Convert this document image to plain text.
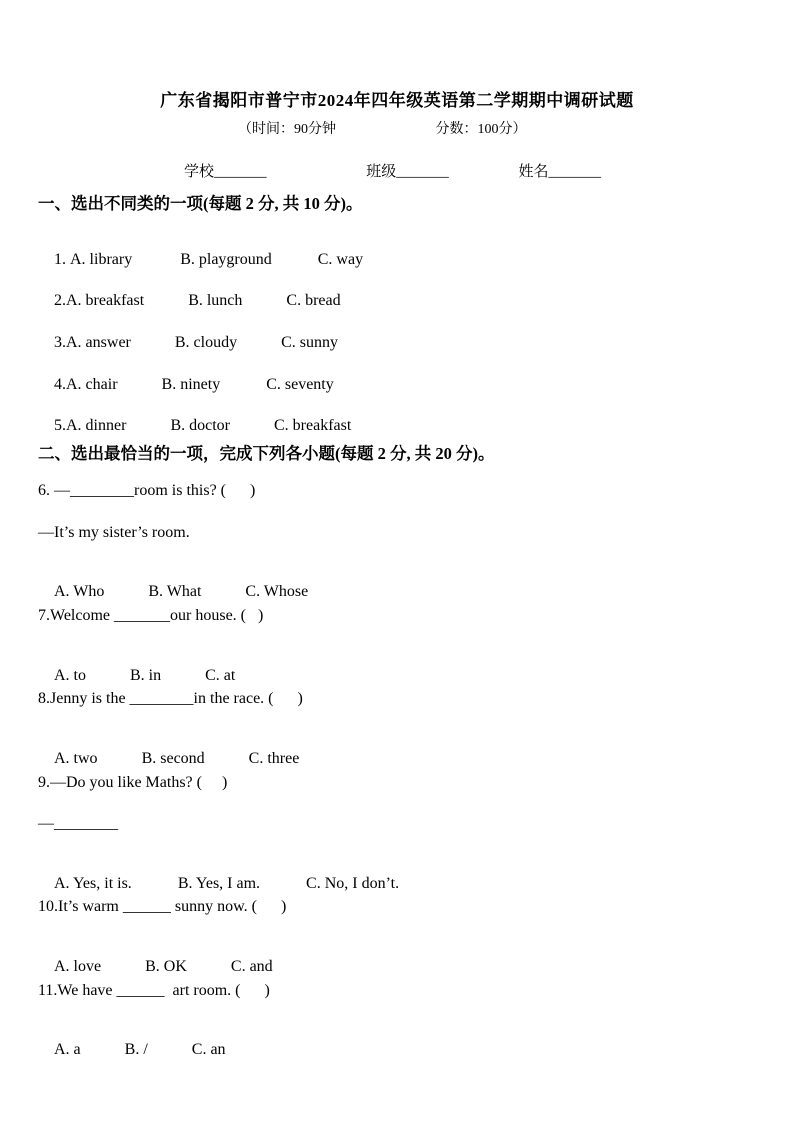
广东省揭阳市普宁市2024年四年级英语第二学期期中调研试题
（时间：90分钟	分数：100分）
学校_______	班级_______	姓名_______
一、选出不同类的一项(每题 2 分, 共 10 分)。

1. A. library	B. playground	C. way

2.A. breakfast	B. lunch	C. bread

3.A. answer	B. cloudy	C. sunny

4.A. chair	B. ninety	C. seventy

5.A. dinner	B. doctor	C. breakfast

二、选出最恰当的一项，完成下列各小题(每题 2 分, 共 20 分)。
6. —________room is this? (      )
—It’s my sister’s room.

A. Who	B. What	C. Whose

7.Welcome _______our house. (   )

A. to	B. in	C. at

8.Jenny is the ________in the race. (      )

A. two	B. second	C. three

9.—Do you like Maths? (     )
—________

A. Yes, it is.	B. Yes, I am.	C. No, I don’t.

10.It’s warm ______ sunny now. (      )

A. love	B. OK	C. and

11.We have ______  art room. (      )

A. a	B. /	C. an
